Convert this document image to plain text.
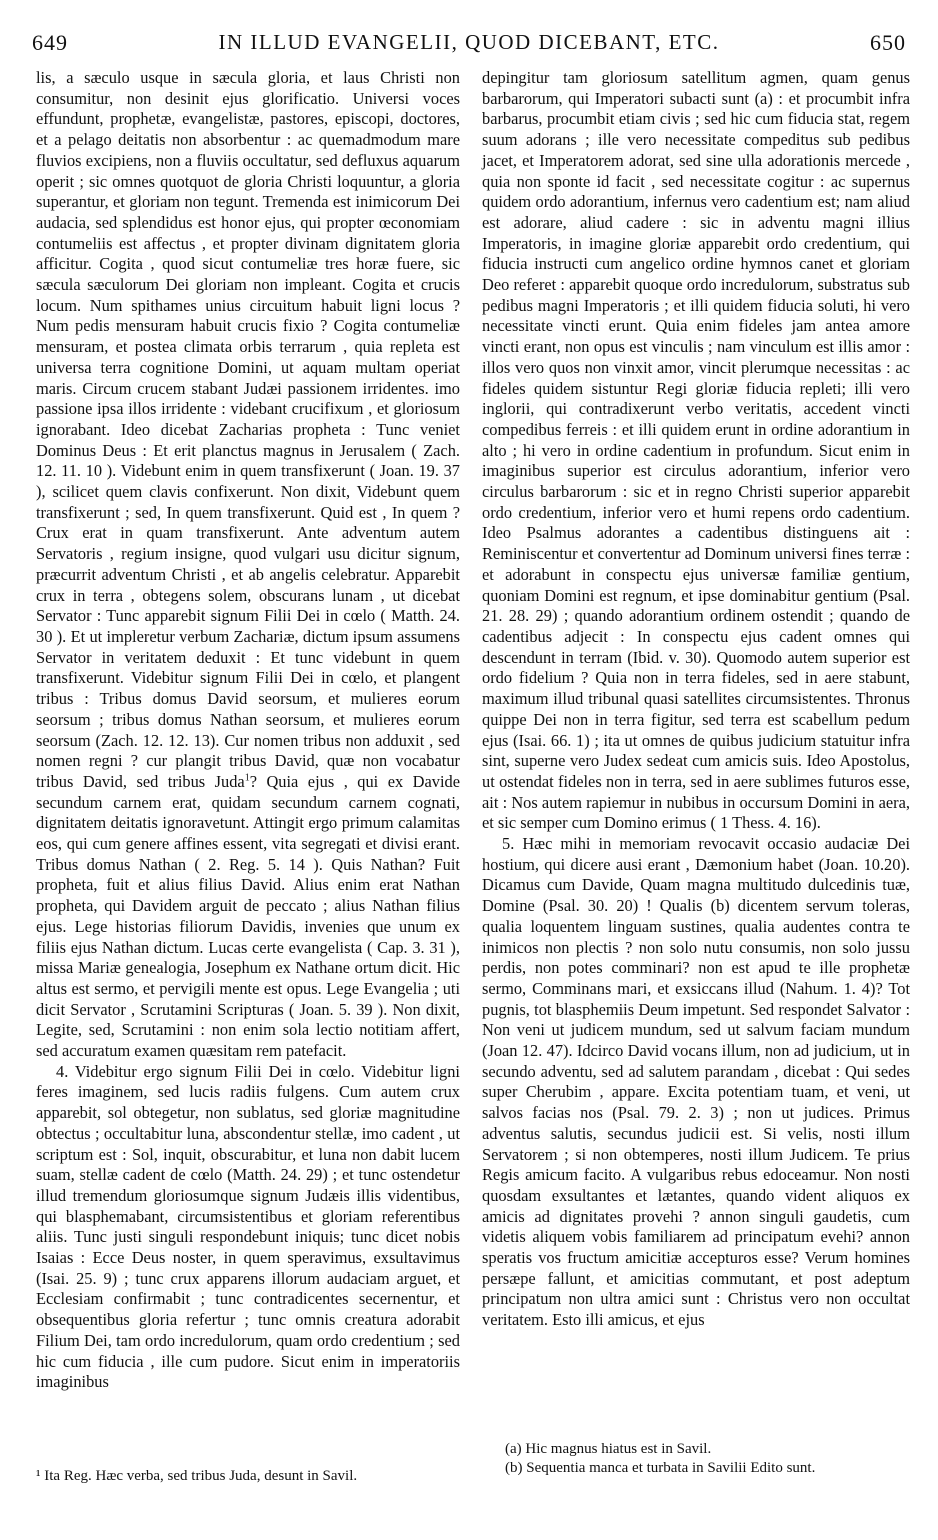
649	IN ILLUD EVANGELII, QUOD DICEBANT, ETC.	650

lis, a sæculo usque in sæcula gloria, et laus Christi non consumitur, non desinit ejus glorificatio. Universi voces effundunt, prophetæ, evangelistæ, pastores, episcopi, doctores, et a pelago deitatis non absorbentur : ac quemadmodum mare fluvios excipiens, non a fluviis occultatur, sed defluxus aquarum operit ; sic omnes quotquot de gloria Christi loquuntur, a gloria superantur, et gloriam non tegunt. Tremenda est inimicorum Dei audacia, sed splendidus est honor ejus, qui propter œconomiam contumeliis est affectus , et propter divinam dignitatem gloria afficitur. Cogita , quod sicut contumeliæ tres horæ fuere, sic sæcula sæculorum Dei gloriam non impleant. Cogita et crucis locum. Num spithames unius circuitum habuit ligni locus ? Num pedis mensuram habuit crucis fixio ? Cogita contumeliæ mensuram, et postea climata orbis terrarum , quia repleta est universa terra cognitione Domini, ut aquam multam operiat maris. Circum crucem stabant Judæi passionem irridentes. imo passione ipsa illos irridente : videbant crucifixum , et gloriosum ignorabant. Ideo dicebat Zacharias propheta : Tunc veniet Dominus Deus : Et erit planctus magnus in Jerusalem ( Zach. 12. 11. 10 ). Videbunt enim in quem transfixerunt ( Joan. 19. 37 ), scilicet quem clavis confixerunt. Non dixit, Videbunt quem transfixerunt ; sed, In quem transfixerunt. Quid est , In quem ? Crux erat in quam transfixerunt. Ante adventum autem Servatoris , regium insigne, quod vulgari usu dicitur signum, præcurrit adventum Christi , et ab angelis celebratur. Apparebit crux in terra , obtegens solem, obscurans lunam , ut dicebat Servator : Tunc apparebit signum Filii Dei in cœlo ( Matth. 24. 30 ). Et ut impleretur verbum Zachariæ, dictum ipsum assumens Servator in veritatem deduxit : Et tunc videbunt in quem transfixerunt. Videbitur signum Filii Dei in cœlo, et plangent tribus : Tribus domus David seorsum, et mulieres eorum seorsum ; tribus domus Nathan seorsum, et mulieres eorum seorsum (Zach. 12. 12. 13). Cur nomen tribus non adduxit , sed nomen regni ? cur plangit tribus David, quæ non vocabatur tribus David, sed tribus Juda$^1$? Quia ejus , qui ex Davide secundum carnem erat, quidam secundum carnem cognati, dignitatem deitatis ignoravetunt. Attingit ergo primum calamitas eos, qui cum genere affines essent, vita segregati et divisi erant. Tribus domus Nathan ( 2. Reg. 5. 14 ). Quis Nathan? Fuit propheta, fuit et alius filius David. Alius enim erat Nathan propheta, qui Davidem arguit de peccato ; alius Nathan filius ejus. Lege historias filiorum Davidis, invenies que unum ex filiis ejus Nathan dictum. Lucas certe evangelista ( Cap. 3. 31 ), missa Mariæ genealogia, Josephum ex Nathane ortum dicit. Hic altus est sermo, et pervigili mente est opus. Lege Evangelia ; uti dicit Servator , Scrutamini Scripturas ( Joan. 5. 39 ). Non dixit, Legite, sed, Scrutamini : non enim sola lectio notitiam affert, sed accuratum examen quæsitam rem patefacit.

4. Videbitur ergo signum Filii Dei in cœlo. Videbitur ligni feres imaginem, sed lucis radiis fulgens. Cum autem crux apparebit, sol obtegetur, non sublatus, sed gloriæ magnitudine obtectus ; occultabitur luna, abscondentur stellæ, imo cadent , ut scriptum est : Sol, inquit, obscurabitur, et luna non dabit lucem suam, stellæ cadent de cœlo (Matth. 24. 29) ; et tunc ostendetur illud tremendum gloriosumque signum Judæis illis videntibus, qui blasphemabant, circumsistentibus et gloriam referentibus aliis. Tunc justi singuli respondebunt iniquis; tunc dicet nobis Isaias : Ecce Deus noster, in quem speravimus, exsultavimus (Isai. 25. 9) ; tunc crux apparens illorum audaciam arguet, et Ecclesiam confirmabit ; tunc contradicentes secernentur, et obsequentibus gloria refertur ; tunc omnis creatura adorabit Filium Dei, tam ordo incredulorum, quam ordo credentium ; sed hic cum fiducia , ille cum pudore. Sicut enim in imperatoriis imaginibus

depingitur tam gloriosum satellitum agmen, quam genus barbarorum, qui Imperatori subacti sunt (a) : et procumbit infra barbarus, procumbit etiam civis ; sed hic cum fiducia stat, regem suum adorans ; ille vero necessitate compeditus sub pedibus jacet, et Imperatorem adorat, sed sine ulla adorationis mercede , quia non sponte id facit , sed necessitate cogitur : ac supernus quidem ordo adorantium, infernus vero cadentium est; nam aliud est adorare, aliud cadere : sic in adventu magni illius Imperatoris, in imagine gloriæ apparebit ordo credentium, qui fiducia instructi cum angelico ordine hymnos canet et gloriam Deo referet : apparebit quoque ordo incredulorum, substratus sub pedibus magni Imperatoris ; et illi quidem fiducia soluti, hi vero necessitate vincti erunt. Quia enim fideles jam antea amore vincti erant, non opus est vinculis ; nam vinculum est illis amor : illos vero quos non vinxit amor, vincit plerumque necessitas : ac fideles quidem sistuntur Regi gloriæ fiducia repleti; illi vero inglorii, qui contradixerunt verbo veritatis, accedent vincti compedibus ferreis : et illi quidem erunt in ordine adorantium in alto ; hi vero in ordine cadentium in profundum. Sicut enim in imaginibus superior est circulus adorantium, inferior vero circulus barbarorum : sic et in regno Christi superior apparebit ordo credentium, inferior vero et humi repens ordo cadentium. Ideo Psalmus adorantes a cadentibus distinguens ait : Reminiscentur et convertentur ad Dominum universi fines terræ : et adorabunt in conspectu ejus universæ familiæ gentium, quoniam Domini est regnum, et ipse dominabitur gentium (Psal. 21. 28. 29) ; quando adorantium ordinem ostendit ; quando de cadentibus adjecit : In conspectu ejus cadent omnes qui descendunt in terram (Ibid. v. 30). Quomodo autem superior est ordo fidelium ? Quia non in terra fideles, sed in aere stabunt, maximum illud tribunal quasi satellites circumsistentes. Thronus quippe Dei non in terra figitur, sed terra est scabellum pedum ejus (Isai. 66. 1) ; ita ut omnes de quibus judicium statuitur infra sint, superne vero Judex sedeat cum amicis suis. Ideo Apostolus, ut ostendat fideles non in terra, sed in aere sublimes futuros esse, ait : Nos autem rapiemur in nubibus in occursum Domini in aera, et sic semper cum Domino erimus ( 1 Thess. 4. 16).

5. Hæc mihi in memoriam revocavit occasio audaciæ Dei hostium, qui dicere ausi erant , Dæmonium habet (Joan. 10.20). Dicamus cum Davide, Quam magna multitudo dulcedinis tuæ, Domine (Psal. 30. 20) ! Qualis (b) dicentem servum toleras, qualia loquentem linguam sustines, qualia audentes contra te inimicos non plectis ? non solo nutu consumis, non solo jussu perdis, non potes comminari? non est apud te ille prophetæ sermo, Comminans mari, et exsiccans illud (Nahum. 1. 4)? Tot pugnis, tot blasphemiis Deum impetunt. Sed respondet Salvator : Non veni ut judicem mundum, sed ut salvum faciam mundum (Joan 12. 47). Idcirco David vocans illum, non ad judicium, ut in secundo adventu, sed ad salutem parandam , dicebat : Qui sedes super Cherubim , appare. Excita potentiam tuam, et veni, ut salvos facias nos (Psal. 79. 2. 3) ; non ut judices. Primus adventus salutis, secundus judicii est. Si velis, nosti illum Servatorem ; si non obtemperes, nosti illum Judicem. Te prius Regis amicum facito. A vulgaribus rebus edoceamur. Non nosti quosdam exsultantes et lætantes, quando vident aliquos ex amicis ad dignitates provehi ? annon singuli gaudetis, cum videtis aliquem vobis familiarem ad principatum evehi? annon speratis vos fructum amicitiæ accepturos esse? Verum homines persæpe fallunt, et amicitias commutant, et post adeptum principatum non ultra amici sunt : Christus vero non occultat veritatem. Esto illi amicus, et ejus

¹ Ita Reg. Hæc verba, sed tribus Juda, desunt in Savil.

(a) Hic magnus hiatus est in Savil.

(b) Sequentia manca et turbata in Savilii Edito sunt.
